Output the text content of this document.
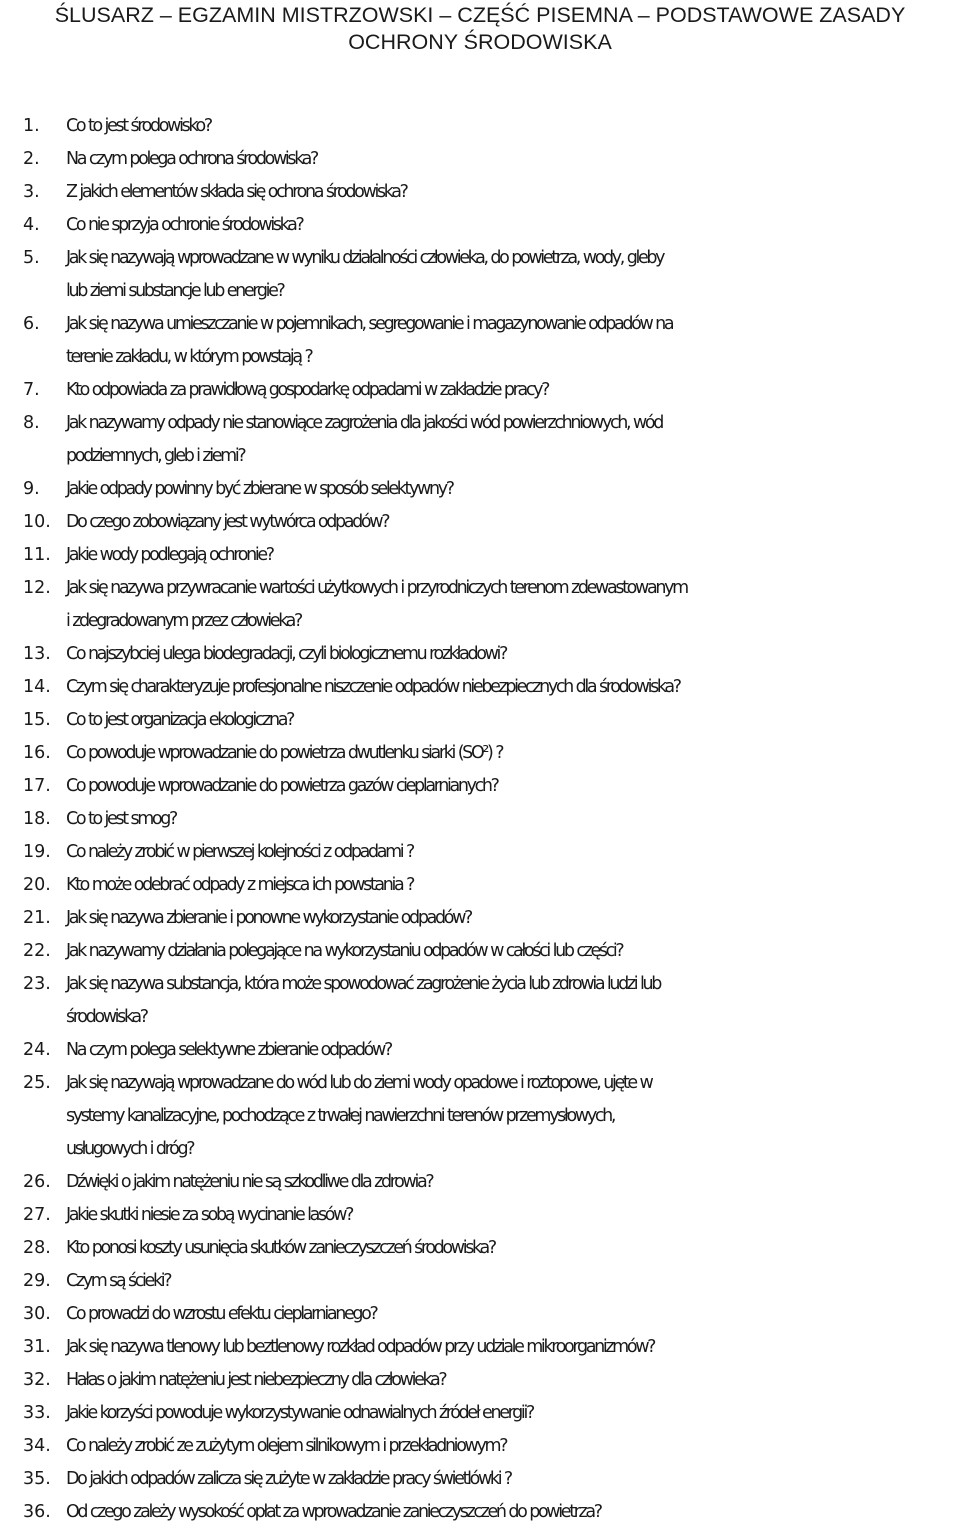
ŚLUSARZ – EGZAMIN MISTRZOWSKI – CZĘŚĆ PISEMNA – PODSTAWOWE ZASADY
OCHRONY ŚRODOWISKA
1. Co to jest środowisko?
2. Na czym polega ochrona środowiska?
3. Z jakich elementów składa się ochrona środowiska?
4. Co nie sprzyja ochronie środowiska?
5. Jak się nazywają wprowadzane w wyniku działalności człowieka, do powietrza, wody, gleby
lub ziemi substancje lub energie?
6. Jak się nazywa umieszczanie w pojemnikach, segregowanie i magazynowanie odpadów na
terenie zakładu, w którym powstają ?
7. Kto odpowiada za prawidłową gospodarkę odpadami w zakładzie pracy?
8. Jak nazywamy odpady nie stanowiące zagrożenia dla jakości wód powierzchniowych, wód
podziemnych, gleb i ziemi?
9. Jakie odpady powinny być zbierane w sposób selektywny?
10. Do czego zobowiązany jest wytwórca odpadów?
11. Jakie wody podlegają ochronie?
12. Jak się nazywa przywracanie wartości użytkowych i przyrodniczych terenom zdewastowanym
i zdegradowanym przez człowieka?
13. Co najszybciej ulega biodegradacji, czyli biologicznemu rozkładowi?
14. Czym się charakteryzuje profesjonalne niszczenie odpadów niebezpiecznych dla środowiska?
15. Co to jest organizacja ekologiczna?
16. Co powoduje wprowadzanie do powietrza dwutlenku siarki (SO²) ?
17. Co powoduje wprowadzanie do powietrza gazów cieplarnianych?
18. Co to jest smog?
19. Co należy zrobić w pierwszej kolejności z odpadami ?
20. Kto może odebrać odpady z miejsca ich powstania ?
21. Jak się nazywa zbieranie i ponowne wykorzystanie odpadów?
22. Jak nazywamy działania polegające na wykorzystaniu odpadów w całości lub części?
23. Jak się nazywa substancja, która może spowodować zagrożenie życia lub zdrowia ludzi lub
środowiska?
24. Na czym polega selektywne zbieranie odpadów?
25. Jak się nazywają wprowadzane do wód lub do ziemi wody opadowe i roztopowe, ujęte w
systemy kanalizacyjne, pochodzące z trwałej nawierzchni terenów przemysłowych,
usługowych i dróg?
26. Dźwięki o jakim natężeniu nie są szkodliwe dla zdrowia?
27. Jakie skutki niesie za sobą wycinanie lasów?
28. Kto ponosi koszty usunięcia skutków zanieczyszczeń środowiska?
29. Czym są ścieki?
30. Co prowadzi do wzrostu efektu cieplarnianego?
31. Jak się nazywa tlenowy lub beztlenowy rozkład odpadów przy udziale mikroorganizmów?
32. Hałas o jakim natężeniu jest niebezpieczny dla człowieka?
33. Jakie korzyści powoduje wykorzystywanie odnawialnych źródeł energii?
34. Co należy zrobić ze zużytym olejem silnikowym i przekładniowym?
35. Do jakich odpadów zalicza się zużyte w zakładzie pracy świetlówki ?
36. Od czego zależy wysokość opłat za wprowadzanie zanieczyszczeń do powietrza?
